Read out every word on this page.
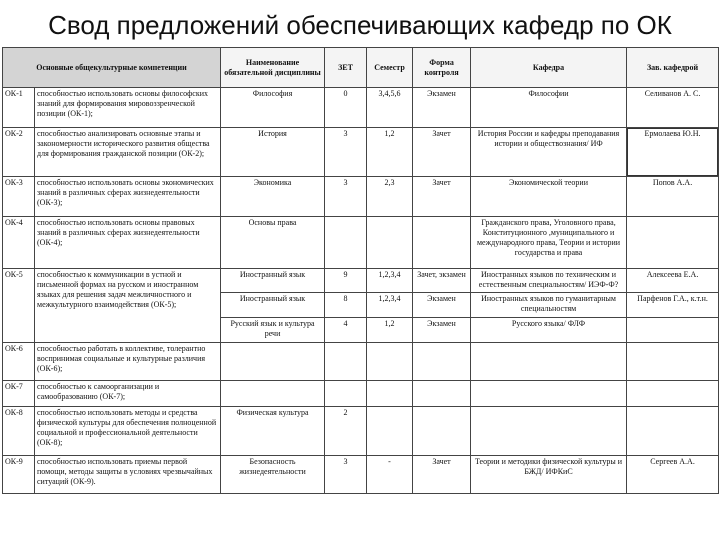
Свод предложений обеспечивающих кафедр по ОК
Основные общекультурные компетенции		Наименование обязательной дисциплины	ЗЕТ	Семестр	Форма контроля	Кафедра	Зав. кафедрой
ОК-1	способностью использовать основы философских знаний для формирования мировоззренческой позиции (ОК-1);	Философия	0	3,4,5,6	Экзамен	Философии	Селиванов А. С.
ОК-2	способностью анализировать основные этапы и закономерности исторического развития общества для формирования гражданской позиции (ОК-2);	История	3	1,2	Зачет	История России и кафедры преподавания истории и обществознания/ ИФ	Ермолаева Ю.Н.
ОК-3	способностью использовать основы экономических знаний в различных сферах жизнедеятельности (ОК-3);	Экономика	3	2,3	Зачет	Экономической теории	Попов А.А.
ОК-4	способностью использовать основы правовых знаний в различных сферах жизнедеятельности (ОК-4);	Основы права				Гражданского права, Уголовного права, Конституционного ,муниципального и международного права, Теории и истории государства и права	
ОК-5	способностью к коммуникации в устной и письменной формах на русском и иностранном языках для решения задач межличностного и межкультурного взаимодействия (ОК-5);	Иностранный язык	9	1,2,3,4	Зачет, экзамен	Иностранных языков по техническим и естественным специальностям/ ИЭФ-Ф?	Алексеева Е.А.
		Иностранный язык	8	1,2,3,4	Экзамен	Иностранных языков по гуманитарным специальностям	Парфенов Г.А., к.т.н.
		Русский язык и культура речи	4	1,2	Экзамен	Русского языка/ ФЛФ	
ОК-6	способностью работать в коллективе, толерантно воспринимая социальные и культурные различия (ОК-6);						
ОК-7	способностью к самоорганизации и самообразованию (ОК-7);						
ОК-8	способностью использовать методы и средства физической культуры для обеспечения полноценной социальной и профессиональной деятельности (ОК-8);	Физическая культура	2				
ОК-9	способностью использовать приемы первой помощи, методы защиты в условиях чрезвычайных ситуаций (ОК-9).	Безопасность жизнедеятельности	3	-	Зачет	Теории и методики физической культуры и БЖД/ ИФКиС	Сергеев А.А.
